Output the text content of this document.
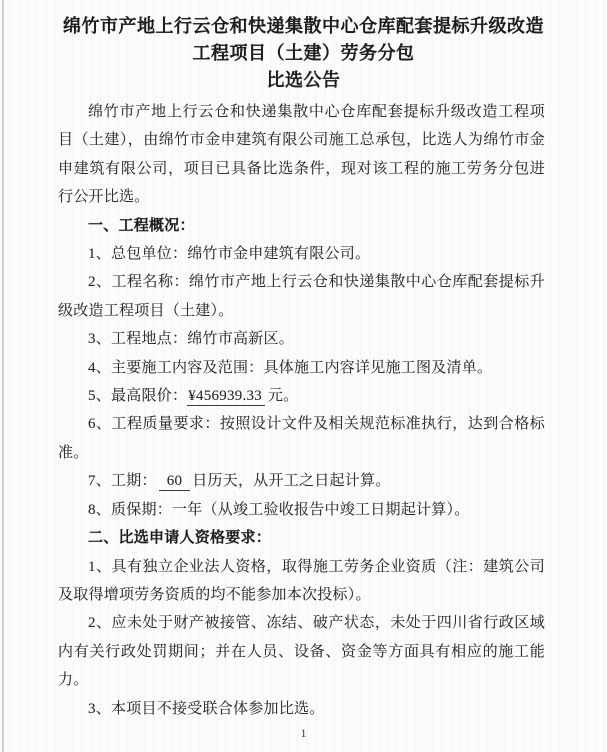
绵竹市产地上行云仓和快递集散中心仓库配套提标升级改造
工程项目（土建）劳务分包
比选公告

绵竹市产地上行云仓和快递集散中心仓库配套提标升级改造工程项目（土建），由绵竹市金申建筑有限公司施工总承包，比选人为绵竹市金申建筑有限公司，项目已具备比选条件，现对该工程的施工劳务分包进行公开比选。

一、工程概况：

1、总包单位：绵竹市金申建筑有限公司。

2、工程名称：绵竹市产地上行云仓和快递集散中心仓库配套提标升级改造工程项目（土建）。

3、工程地点：绵竹市高新区。

4、主要施工内容及范围：具体施工内容详见施工图及清单。

5、最高限价：¥456939.33 元。

6、工程质量要求：按照设计文件及相关规范标准执行，达到合格标准。

7、工期： 60 日历天，从开工之日起计算。

8、质保期：一年（从竣工验收报告中竣工日期起计算）。

二、比选申请人资格要求：

1、具有独立企业法人资格，取得施工劳务企业资质（注：建筑公司及取得增项劳务资质的均不能参加本次投标）。

2、应未处于财产被接管、冻结、破产状态，未处于四川省行政区域内有关行政处罚期间；并在人员、设备、资金等方面具有相应的施工能力。

3、本项目不接受联合体参加比选。

1
